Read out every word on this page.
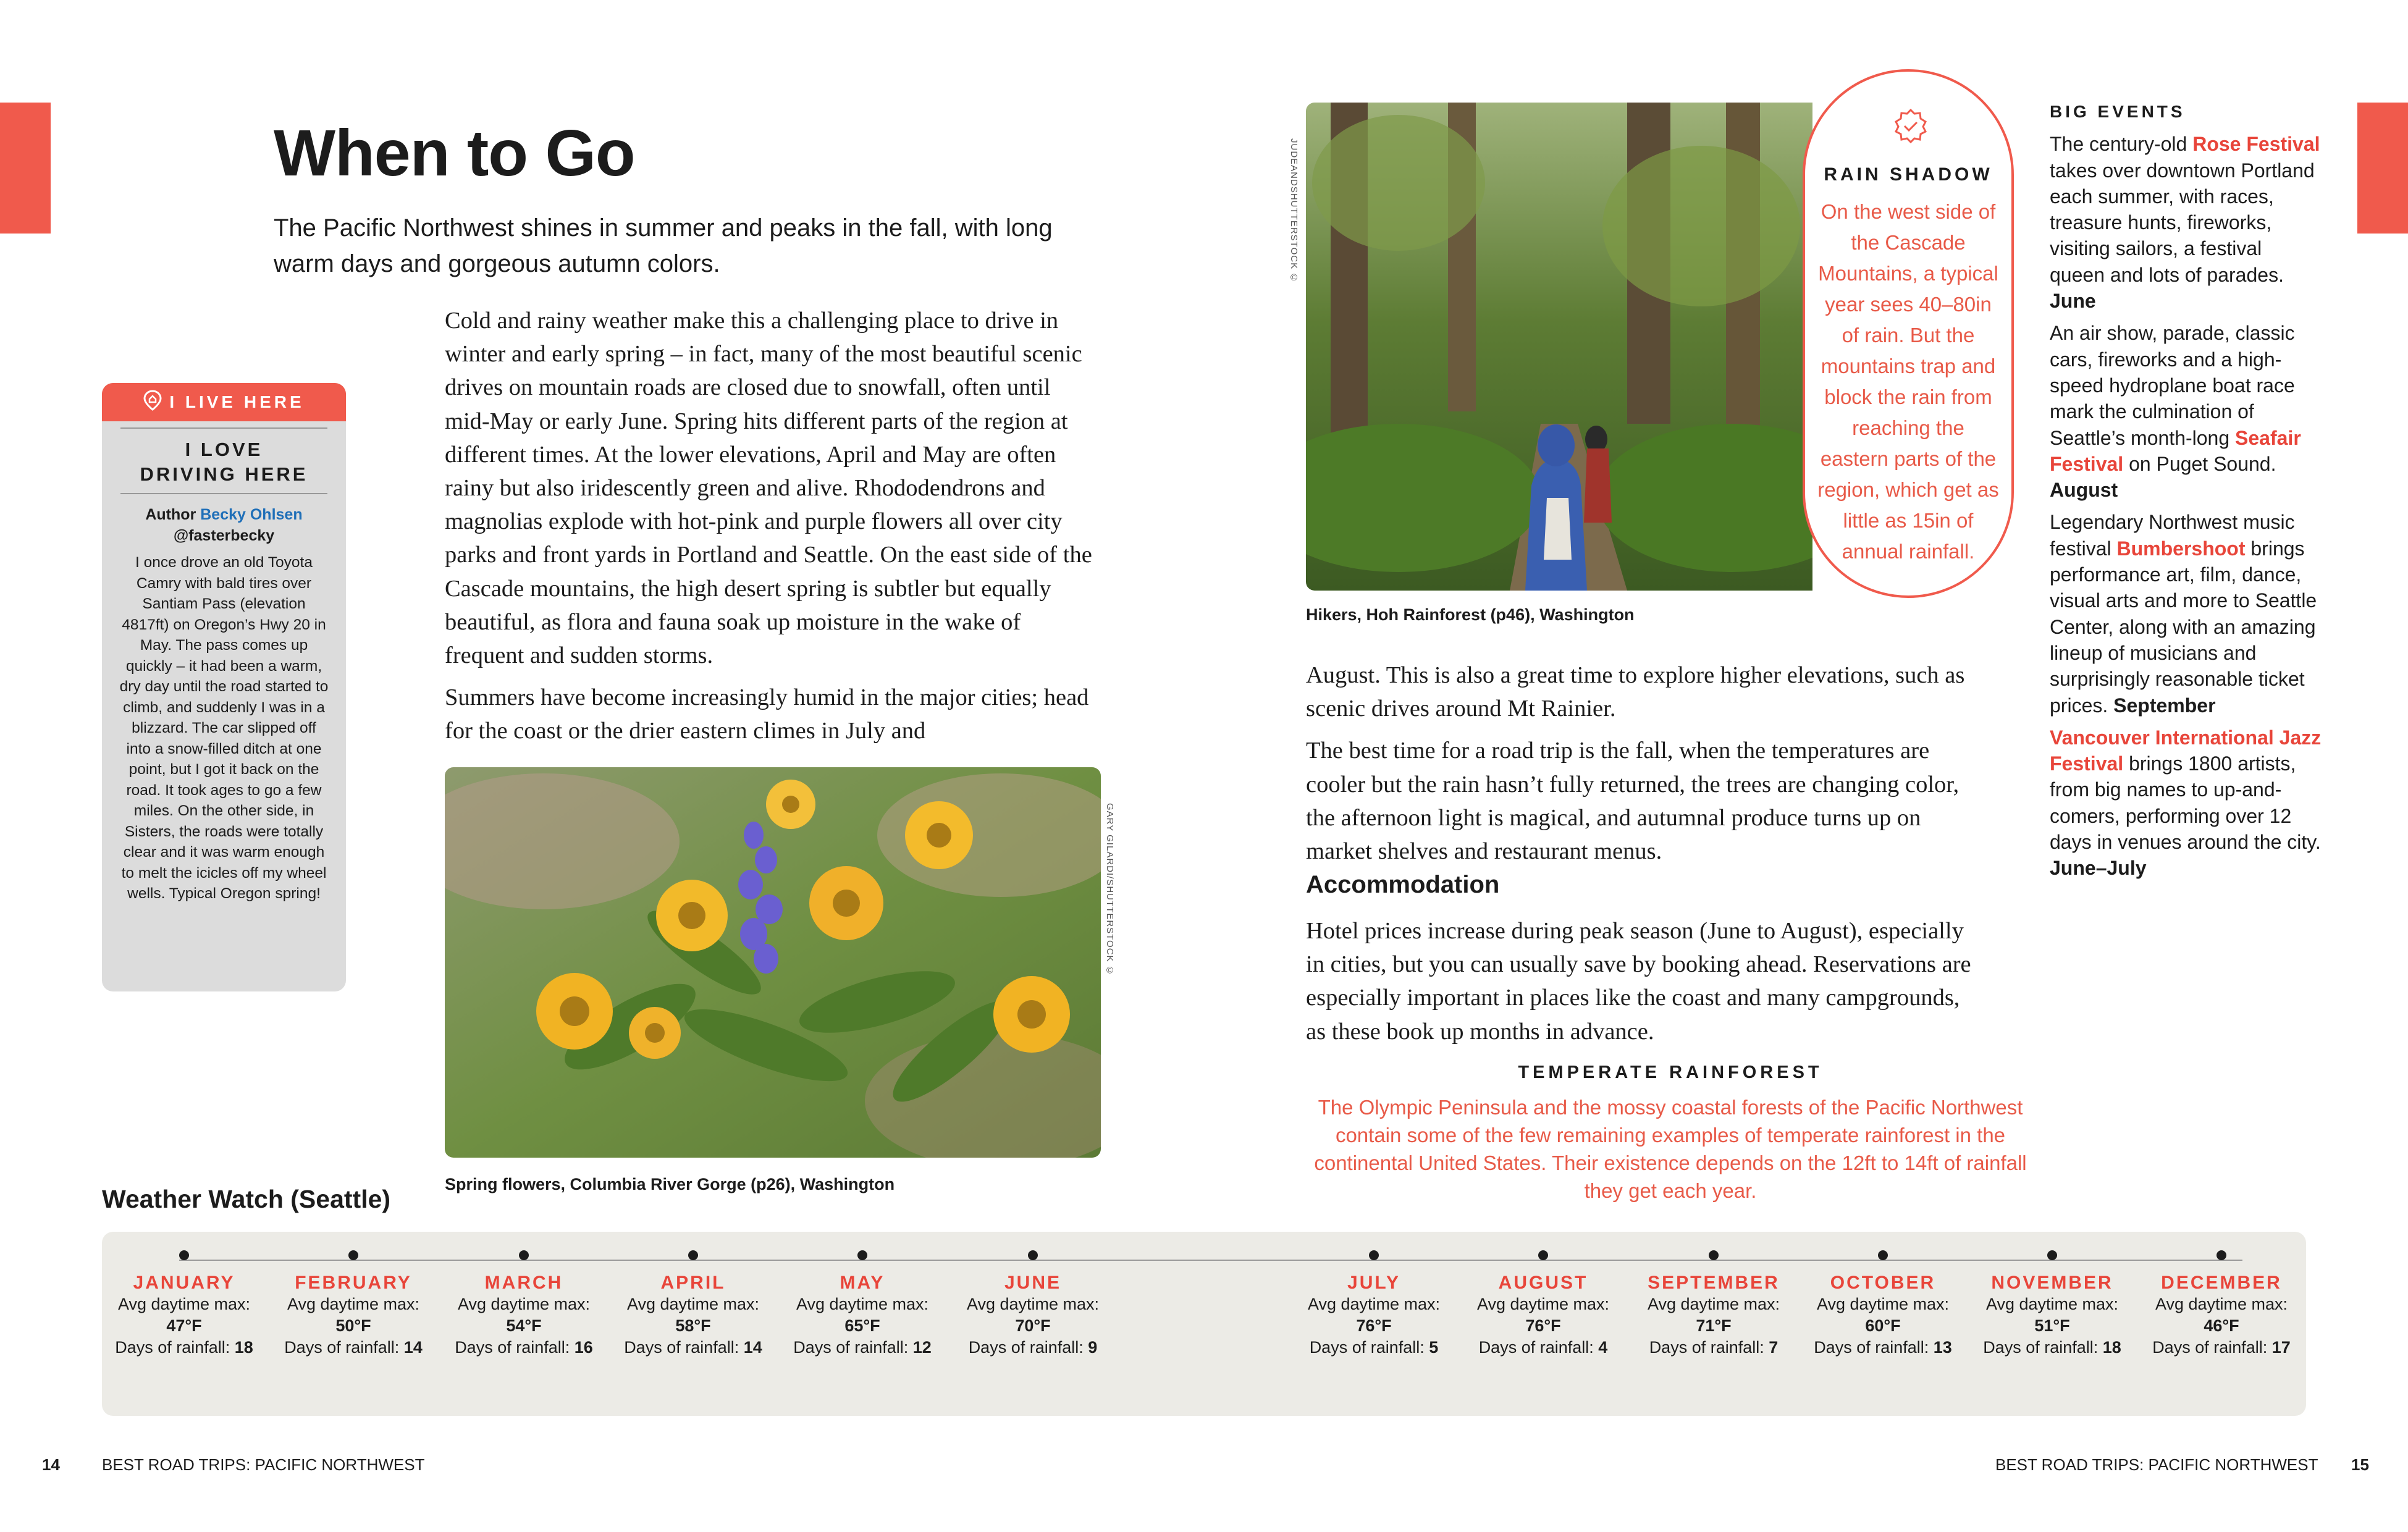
When to Go
The Pacific Northwest shines in summer and peaks in the fall, with long warm days and gorgeous autumn colors.

Cold and rainy weather make this a challenging place to drive in winter and early spring – in fact, many of the most beautiful scenic drives on mountain roads are closed due to snowfall, often until mid-May or early June. Spring hits different parts of the region at different times. At the lower elevations, April and May are often rainy but also iridescently green and alive. Rhododendrons and magnolias explode with hot-pink and purple flowers all over city parks and front yards in Portland and Seattle. On the east side of the Cascade mountains, the high desert spring is subtler but equally beautiful, as flora and fauna soak up moisture in the wake of frequent and sudden storms.

Summers have become increasingly humid in the major cities; head for the coast or the drier eastern climes in July and

I LIVE HERE
I LOVE
DRIVING HERE
Author Becky Ohlsen
@fasterbecky
I once drove an old Toyota Camry with bald tires over Santiam Pass (elevation 4817ft) on Oregon’s Hwy 20 in May. The pass comes up quickly – it had been a warm, dry day until the road started to climb, and suddenly I was in a blizzard. The car slipped off into a snow-filled ditch at one point, but I got it back on the road. It took ages to go a few miles. On the other side, in Sisters, the roads were totally clear and it was warm enough to melt the icicles off my wheel wells. Typical Oregon spring!	GARY GILARDI/SHUTTERSTOCK ©
Spring flowers, Columbia River Gorge (p26), Washington
JUDEANDSHUTTERSTOCK ©
Hikers, Hoh Rainforest (p46), Washington
RAIN SHADOW
On the west side of the Cascade Mountains, a typical year sees 40–80in of rain. But the mountains trap and block the rain from reaching the eastern parts of the region, which get as little as 15in of annual rainfall.
BIG EVENTS

The century-old Rose Festival takes over downtown Portland each summer, with races, treasure hunts, fireworks, visiting sailors, a festival queen and lots of parades. June

An air show, parade, classic cars, fireworks and a high-speed hydroplane boat race mark the culmination of Seattle’s month-long Seafair Festival on Puget Sound. August

Legendary Northwest music festival Bumbershoot brings performance art, film, dance, visual arts and more to Seattle Center, along with an amazing lineup of musicians and surprisingly reasonable ticket prices. September

Vancouver International Jazz Festival brings 1800 artists, from big names to up-and-comers, performing over 12 days in venues around the city. June–July

August. This is also a great time to explore higher elevations, such as scenic drives around Mt Rainier.

The best time for a road trip is the fall, when the temperatures are cooler but the rain hasn’t fully returned, the trees are changing color, the afternoon light is magical, and autumnal produce turns up on market shelves and restaurant menus.

Accommodation

Hotel prices increase during peak season (June to August), especially in cities, but you can usually save by booking ahead. Reservations are especially important in places like the coast and many campgrounds, as these book up months in advance.

TEMPERATE RAINFOREST
The Olympic Peninsula and the mossy coastal forests of the Pacific Northwest contain some of the few remaining examples of temperate rainforest in the continental United States. Their existence depends on the 12ft to 14ft of rainfall they get each year.
Weather Watch (Seattle)
JANUARY
Avg daytime max:
47°F
Days of rainfall: 18
FEBRUARY
Avg daytime max:
50°F
Days of rainfall: 14
MARCH
Avg daytime max:
54°F
Days of rainfall: 16
APRIL
Avg daytime max:
58°F
Days of rainfall: 14
MAY
Avg daytime max:
65°F
Days of rainfall: 12
JUNE
Avg daytime max:
70°F
Days of rainfall: 9
JULY
Avg daytime max:
76°F
Days of rainfall: 5
AUGUST
Avg daytime max:
76°F
Days of rainfall: 4
SEPTEMBER
Avg daytime max:
71°F
Days of rainfall: 7
OCTOBER
Avg daytime max:
60°F
Days of rainfall: 13
NOVEMBER
Avg daytime max:
51°F
Days of rainfall: 18
DECEMBER
Avg daytime max:
46°F
Days of rainfall: 17
14	BEST ROAD TRIPS: PACIFIC NORTHWEST	BEST ROAD TRIPS: PACIFIC NORTHWEST 15
